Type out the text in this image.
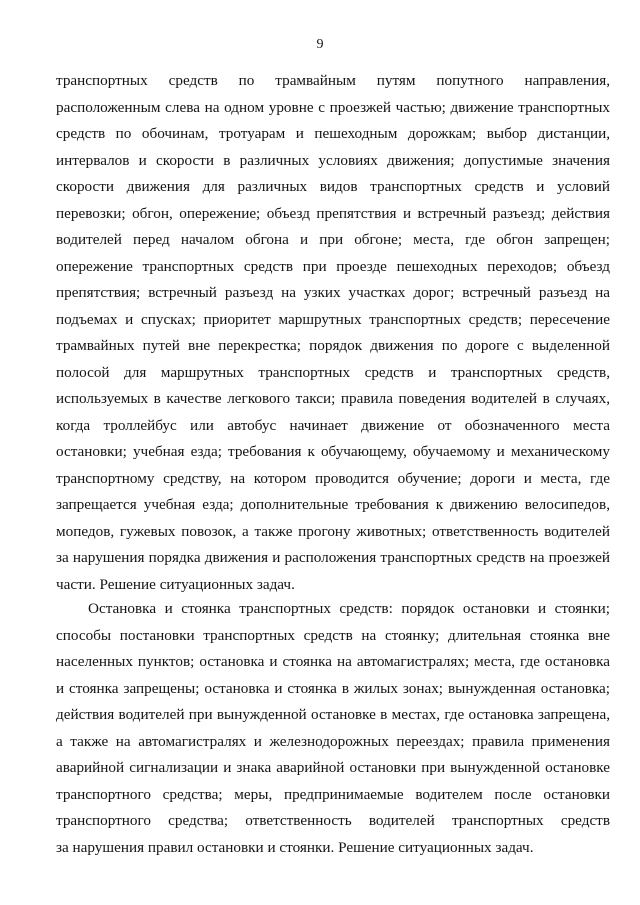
9
транспортных средств по трамвайным путям попутного направления,
расположенным слева на одном уровне с проезжей частью; движение транспортных
средств по обочинам, тротуарам и пешеходным дорожкам; выбор дистанции,
интервалов и скорости в различных условиях движения; допустимые значения
скорости движения для различных видов транспортных средств и условий
перевозки; обгон, опережение; объезд препятствия и встречный разъезд; действия
водителей перед началом обгона и при обгоне; места, где обгон запрещен;
опережение транспортных средств при проезде пешеходных переходов; объезд
препятствия; встречный разъезд на узких участках дорог; встречный разъезд на
подъемах и спусках; приоритет маршрутных транспортных средств; пересечение
трамвайных путей вне перекрестка; порядок движения по дороге с выделенной
полосой для маршрутных транспортных средств и транспортных средств,
используемых в качестве легкового такси; правила поведения водителей в случаях,
когда троллейбус или автобус начинает движение от обозначенного места
остановки; учебная езда; требования к обучающему, обучаемому и механическому
транспортному средству, на котором проводится обучение; дороги и места, где
запрещается учебная езда; дополнительные требования к движению велосипедов,
мопедов, гужевых повозок, а также прогону животных; ответственность водителей
за нарушения порядка движения и расположения транспортных средств на проезжей
части. Решение ситуационных задач.
Остановка и стоянка транспортных средств: порядок остановки и стоянки;
способы постановки транспортных средств на стоянку; длительная стоянка вне
населенных пунктов; остановка и стоянка на автомагистралях; места, где остановка
и стоянка запрещены; остановка и стоянка в жилых зонах; вынужденная остановка;
действия водителей при вынужденной остановке в местах, где остановка запрещена,
а также на автомагистралях и железнодорожных переездах; правила применения
аварийной сигнализации и знака аварийной остановки при вынужденной остановке
транспортного средства; меры, предпринимаемые водителем после остановки
транспортного средства; ответственность водителей транспортных средств
за нарушения правил остановки и стоянки. Решение ситуационных задач.
